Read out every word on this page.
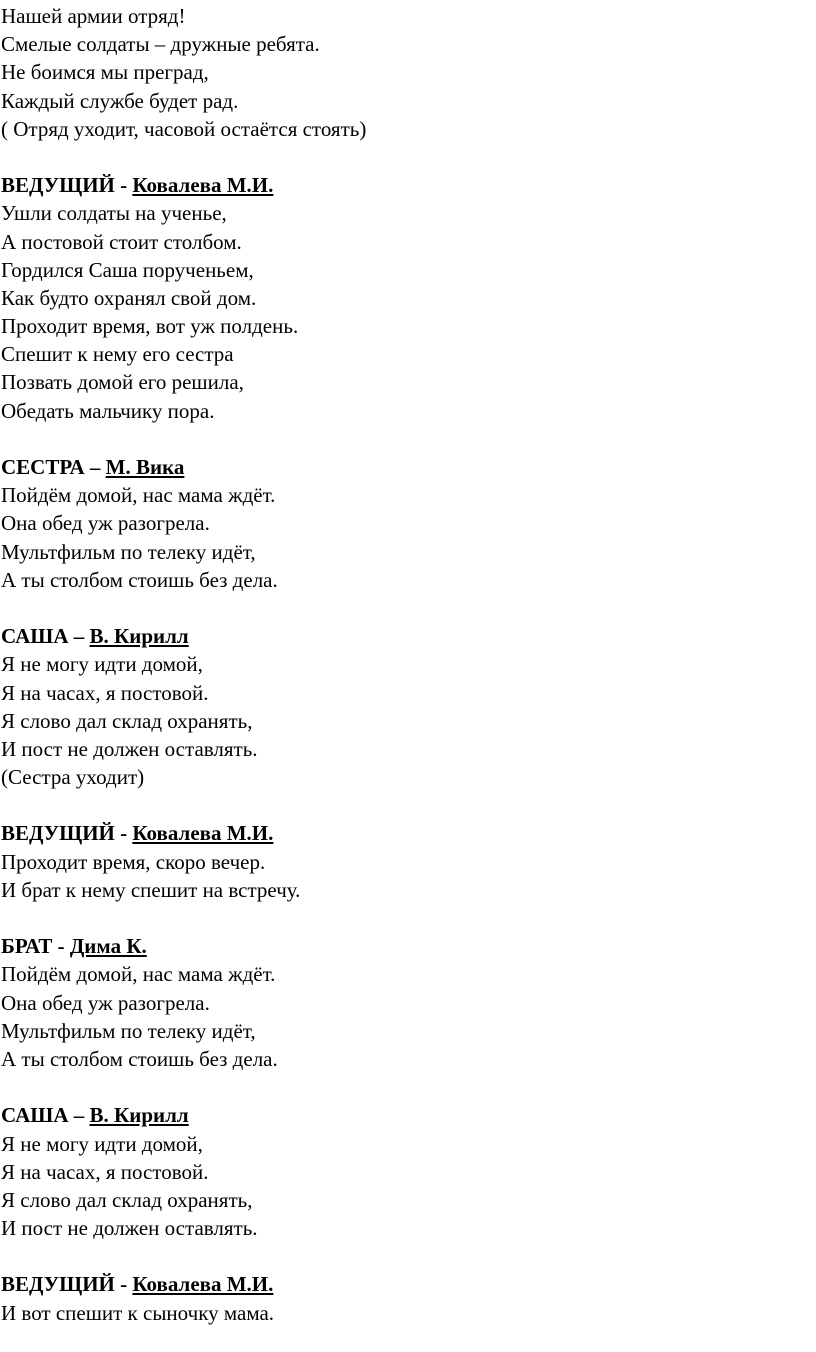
Нашей армии отряд!
Смелые солдаты – дружные ребята.
Не боимся мы преград,
Каждый службе будет рад.
( Отряд уходит, часовой остаётся стоять)
ВЕДУЩИЙ - Ковалева М.И.
Ушли солдаты на ученье,
А постовой стоит столбом.
Гордился Саша порученьем,
Как будто охранял свой дом.
Проходит время, вот уж полдень.
Спешит к нему его сестра
Позвать домой его решила,
Обедать мальчику пора.
СЕСТРА – М. Вика
Пойдём домой, нас мама ждёт.
Она обед уж разогрела.
Мультфильм по телеку идёт,
А ты столбом стоишь без дела.
САША – В. Кирилл
Я не могу идти домой,
Я на часах, я постовой.
Я слово дал склад охранять,
И пост не должен оставлять.
(Сестра уходит)
ВЕДУЩИЙ - Ковалева М.И.
Проходит время, скоро вечер.
И брат к нему спешит на встречу.
БРАТ - Дима К.
Пойдём домой, нас мама ждёт.
Она обед уж разогрела.
Мультфильм по телеку идёт,
А ты столбом стоишь без дела.
САША – В. Кирилл
Я не могу идти домой,
Я на часах, я постовой.
Я слово дал склад охранять,
И пост не должен оставлять.
ВЕДУЩИЙ - Ковалева М.И.
И вот спешит к сыночку мама.
